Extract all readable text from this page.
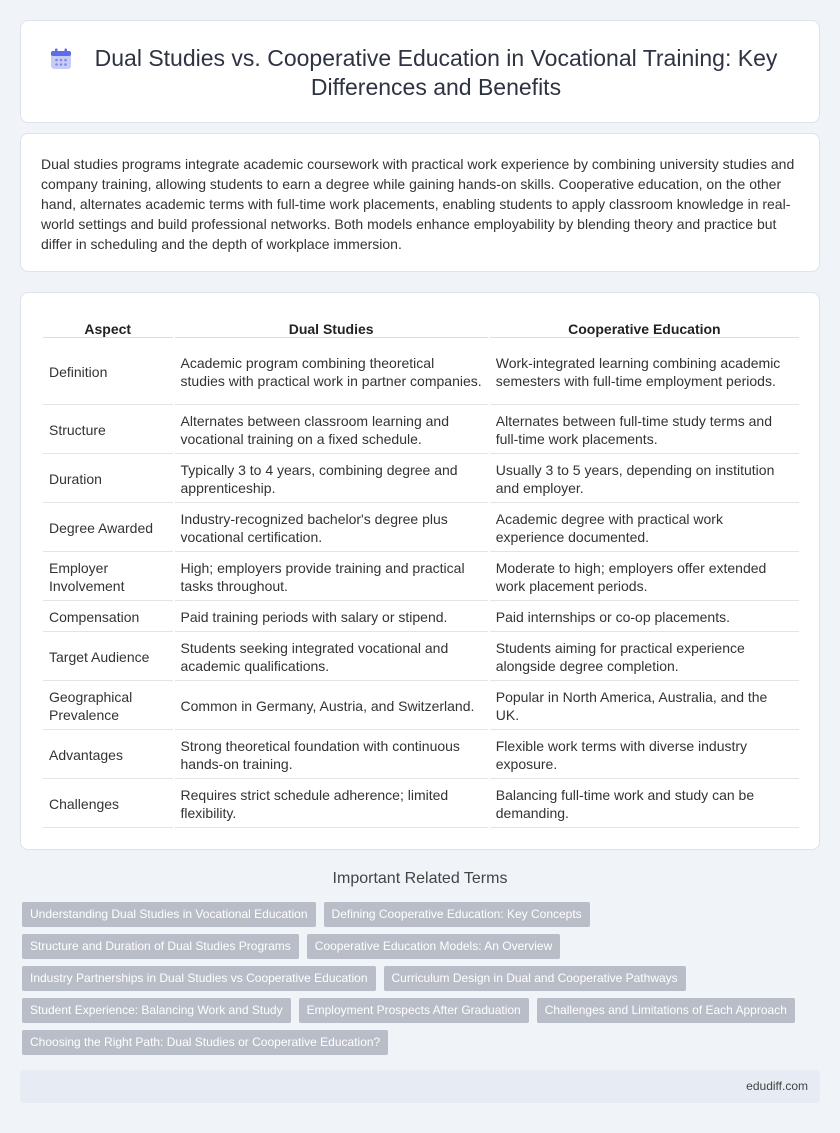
Dual Studies vs. Cooperative Education in Vocational Training: Key Differences and Benefits

Dual studies programs integrate academic coursework with practical work experience by combining university studies and company training, allowing students to earn a degree while gaining hands-on skills. Cooperative education, on the other hand, alternates academic terms with full-time work placements, enabling students to apply classroom knowledge in real-world settings and build professional networks. Both models enhance employability by blending theory and practice but differ in scheduling and the depth of workplace immersion.

Aspect	Dual Studies	Cooperative Education
Definition	Academic program combining theoretical studies with practical work in partner companies.	Work-integrated learning combining academic semesters with full-time employment periods.
Structure	Alternates between classroom learning and vocational training on a fixed schedule.	Alternates between full-time study terms and full-time work placements.
Duration	Typically 3 to 4 years, combining degree and apprenticeship.	Usually 3 to 5 years, depending on institution and employer.
Degree Awarded	Industry-recognized bachelor's degree plus vocational certification.	Academic degree with practical work experience documented.
Employer Involvement	High; employers provide training and practical tasks throughout.	Moderate to high; employers offer extended work placement periods.
Compensation	Paid training periods with salary or stipend.	Paid internships or co-op placements.
Target Audience	Students seeking integrated vocational and academic qualifications.	Students aiming for practical experience alongside degree completion.
Geographical Prevalence	Common in Germany, Austria, and Switzerland.	Popular in North America, Australia, and the UK.
Advantages	Strong theoretical foundation with continuous hands-on training.	Flexible work terms with diverse industry exposure.
Challenges	Requires strict schedule adherence; limited flexibility.	Balancing full-time work and study can be demanding.
Important Related Terms
Understanding Dual Studies in Vocational Education	Defining Cooperative Education: Key Concepts
Structure and Duration of Dual Studies Programs	Cooperative Education Models: An Overview
Industry Partnerships in Dual Studies vs Cooperative Education	Curriculum Design in Dual and Cooperative Pathways
Student Experience: Balancing Work and Study	Employment Prospects After Graduation	Challenges and Limitations of Each Approach
Choosing the Right Path: Dual Studies or Cooperative Education?
edudiff.com
